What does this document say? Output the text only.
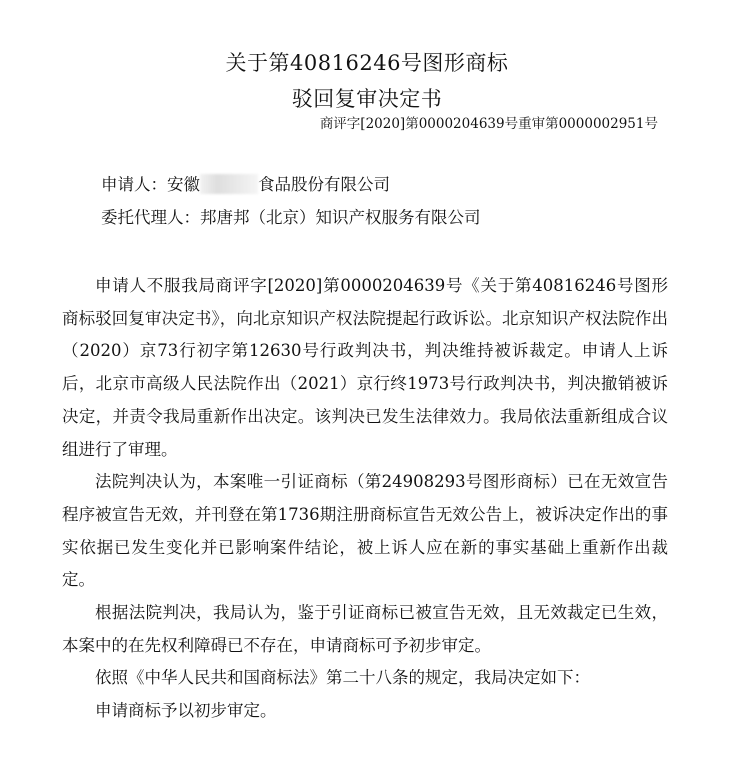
关于第40816246号图形商标
驳回复审决定书
商评字[2020]第0000204639号重审第0000002951号
申请人：安徽	食品股份有限公司
委托代理人：邦唐邦（北京）知识产权服务有限公司

申请人不服我局商评字[2020]第0000204639号《关于第40816246号图形商标驳回复审决定书》，向北京知识产权法院提起行政诉讼。北京知识产权法院作出（2020）京73行初字第12630号行政判决书，判决维持被诉裁定。申请人上诉后，北京市高级人民法院作出（2021）京行终1973号行政判决书，判决撤销被诉决定，并责令我局重新作出决定。该判决已发生法律效力。我局依法重新组成合议组进行了审理。

法院判决认为，本案唯一引证商标（第24908293号图形商标）已在无效宣告程序被宣告无效，并刊登在第1736期注册商标宣告无效公告上，被诉决定作出的事实依据已发生变化并已影响案件结论，被上诉人应在新的事实基础上重新作出裁定。

根据法院判决，我局认为，鉴于引证商标已被宣告无效，且无效裁定已生效，本案中的在先权利障碍已不存在，申请商标可予初步审定。

依照《中华人民共和国商标法》第二十八条的规定，我局决定如下：

申请商标予以初步审定。
